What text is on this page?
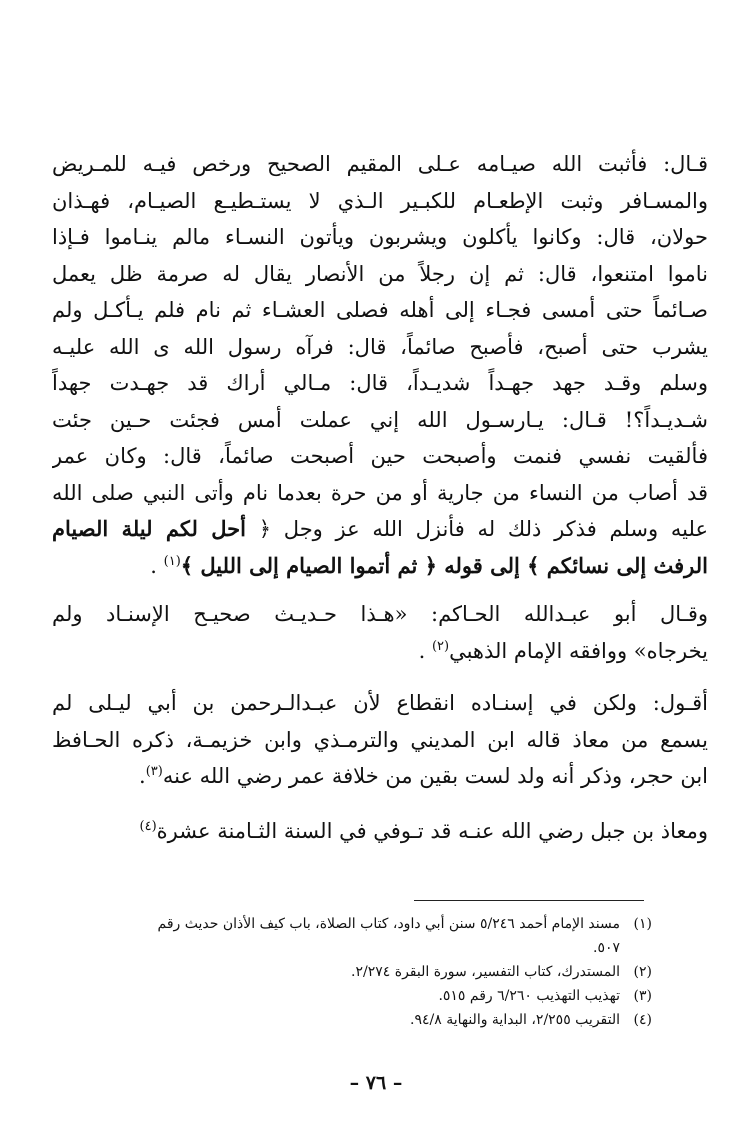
قـال: فأثبت الله صيـامه عـلى المقيم الصحيح ورخص فيـه للمـريض
والمسـافر وثبت الإطعـام للكبـير الـذي لا يستـطيـع الصيـام، فهـذان
حولان، قال: وكانوا يأكلون ويشربون ويأتون النسـاء مالم ينـاموا فـإذا
ناموا امتنعوا، قال: ثم إن رجلاً من الأنصار يقال له صرمة ظل يعمل
صـائماً حتى أمسى فجـاء إلى أهله فصلى العشـاء ثم نام فلم يـأكـل ولم
يشرب حتى أصبح، فأصبح صائماً، قال: فرآه رسول الله ى الله عليـه
وسلم وقـد جهد جهـداً شديـداً، قال: مـالي أراك قد جهـدت جهداً
شـديـداً؟! قـال: يـارسـول الله إني عملت أمس فجئت حـين جئت
فألقيت نفسي فنمت وأصبحت حين أصبحت صائماً، قال: وكان عمر
قد أصاب من النساء من جارية أو من حرة بعدما نام وأتى النبي صلى الله
عليه وسلم فذكر ذلك له فأنزل الله عز وجل ﴿ أحل لكم ليلة الصيام
الرفث إلى نسائكم ﴾ إلى قوله ﴿ ثم أتموا الصيام إلى الليل ﴾$^{(١)}$ .

وقـال أبو عبـدالله الحـاكم: «هـذا حـديـث صحيـح الإسنـاد ولم
يخرجاه» ووافقه الإمام الذهبي$^{(٢)}$ .

أقـول: ولكن في إسنـاده انقطاع لأن عبـدالـرحمن بن أبي ليـلى لم
يسمع من معاذ قاله ابن المديني والترمـذي وابن خزيمـة، ذكره الحـافظ
ابن حجر، وذكر أنه ولد لست بقين من خلافة عمر رضي الله عنه$^{(٣)}$.

ومعاذ بن جبل رضي الله عنـه قد تـوفي في السنة الثـامنة عشرة$^{(٤)}$

(١)مسند الإمام أحمد ٥/٢٤٦ سنن أبي داود، كتاب الصلاة، باب كيف الأذان حديث رقم
٥٠٧.
(٢)المستدرك، كتاب التفسير، سورة البقرة ٢/٢٧٤.
(٣)تهذيب التهذيب ٦/٢٦٠ رقم ٥١٥.
(٤)التقريب ٢/٢٥٥، البداية والنهاية ٩٤/٨.
– ٧٦ –
